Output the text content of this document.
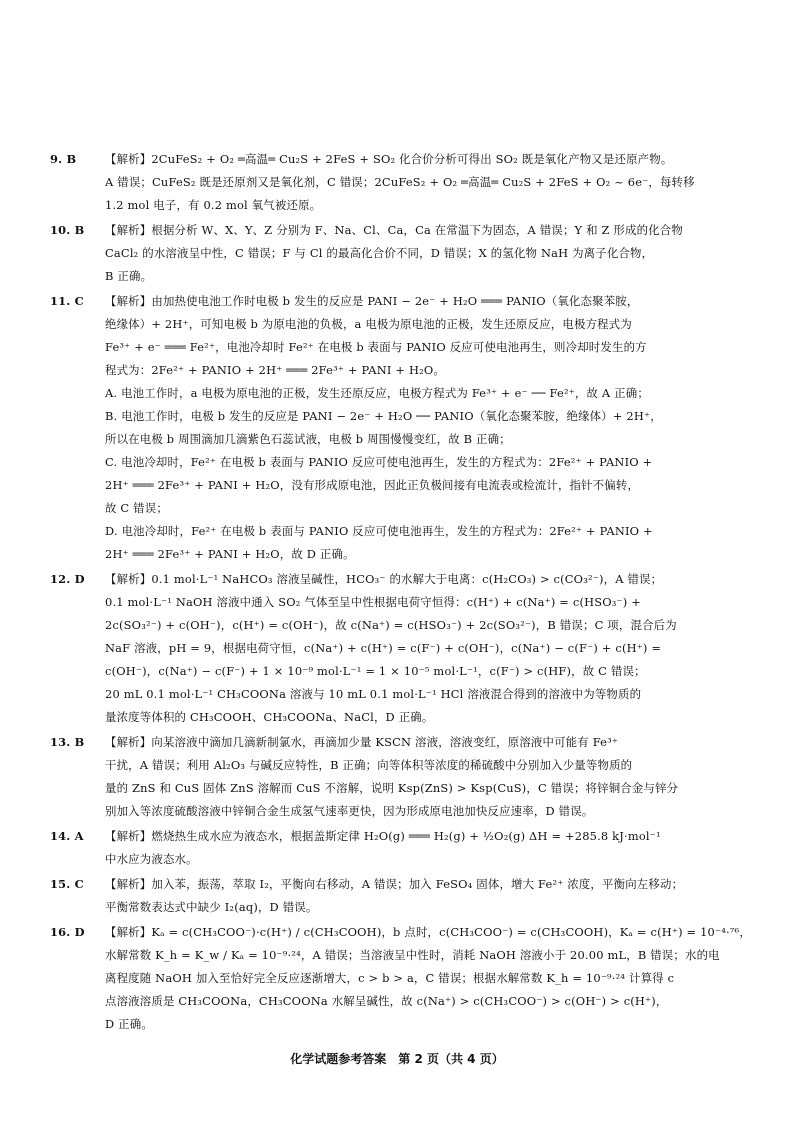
9. B	【解析】2CuFeS₂ + O₂ ═高温═ Cu₂S + 2FeS + SO₂ 化合价分析可得出 SO₂ 既是氧化产物又是还原产物。
A 错误；CuFeS₂ 既是还原剂又是氧化剂，C 错误；2CuFeS₂ + O₂ ═高温═ Cu₂S + 2FeS + O₂ ~ 6e⁻，每转移
1.2 mol 电子，有 0.2 mol 氧气被还原。
10. B	【解析】根据分析 W、X、Y、Z 分别为 F、Na、Cl、Ca，Ca 在常温下为固态，A 错误；Y 和 Z 形成的化合物
CaCl₂ 的水溶液呈中性，C 错误；F 与 Cl 的最高化合价不同，D 错误；X 的氢化物 NaH 为离子化合物，
B 正确。
11. C	【解析】由加热使电池工作时电极 b 发生的反应是 PANI − 2e⁻ + H₂O ═══ PANIO（氧化态聚苯胺，
绝缘体）+ 2H⁺，可知电极 b 为原电池的负极，a 电极为原电池的正极，发生还原反应，电极方程式为
Fe³⁺ + e⁻ ═══ Fe²⁺，电池冷却时 Fe²⁺ 在电极 b 表面与 PANIO 反应可使电池再生，则冷却时发生的方
程式为：2Fe²⁺ + PANIO + 2H⁺ ═══ 2Fe³⁺ + PANI + H₂O。
A. 电池工作时，a 电极为原电池的正极，发生还原反应，电极方程式为 Fe³⁺ + e⁻ ── Fe²⁺，故 A 正确；
B. 电池工作时，电极 b 发生的反应是 PANI − 2e⁻ + H₂O ── PANIO（氧化态聚苯胺，绝缘体）+ 2H⁺，
所以在电极 b 周围滴加几滴紫色石蕊试液，电极 b 周围慢慢变红，故 B 正确；
C. 电池冷却时，Fe²⁺ 在电极 b 表面与 PANIO 反应可使电池再生，发生的方程式为：2Fe²⁺ + PANIO +
2H⁺ ═══ 2Fe³⁺ + PANI + H₂O，没有形成原电池，因此正负极间接有电流表或检流计，指针不偏转，
故 C 错误；
D. 电池冷却时，Fe²⁺ 在电极 b 表面与 PANIO 反应可使电池再生，发生的方程式为：2Fe²⁺ + PANIO +
2H⁺ ═══ 2Fe³⁺ + PANI + H₂O，故 D 正确。
12. D	【解析】0.1 mol·L⁻¹ NaHCO₃ 溶液呈碱性，HCO₃⁻ 的水解大于电离：c(H₂CO₃) > c(CO₃²⁻)，A 错误；
0.1 mol·L⁻¹ NaOH 溶液中通入 SO₂ 气体至呈中性根据电荷守恒得：c(H⁺) + c(Na⁺) = c(HSO₃⁻) +
2c(SO₃²⁻) + c(OH⁻)，c(H⁺) = c(OH⁻)，故 c(Na⁺) = c(HSO₃⁻) + 2c(SO₃²⁻)，B 错误；C 项，混合后为
NaF 溶液，pH = 9，根据电荷守恒，c(Na⁺) + c(H⁺) = c(F⁻) + c(OH⁻)，c(Na⁺) − c(F⁻) + c(H⁺) =
c(OH⁻)，c(Na⁺) − c(F⁻) + 1 × 10⁻⁹ mol·L⁻¹ = 1 × 10⁻⁵ mol·L⁻¹，c(F⁻) > c(HF)，故 C 错误；
20 mL 0.1 mol·L⁻¹ CH₃COONa 溶液与 10 mL 0.1 mol·L⁻¹ HCl 溶液混合得到的溶液中为等物质的
量浓度等体积的 CH₃COOH、CH₃COONa、NaCl，D 正确。
13. B	【解析】向某溶液中滴加几滴新制氯水，再滴加少量 KSCN 溶液，溶液变红，原溶液中可能有 Fe³⁺
干扰，A 错误；利用 Al₂O₃ 与碱反应特性，B 正确；向等体积等浓度的稀硫酸中分别加入少量等物质的
量的 ZnS 和 CuS 固体 ZnS 溶解而 CuS 不溶解，说明 Ksp(ZnS) > Ksp(CuS)，C 错误；将锌铜合金与锌分
别加入等浓度硫酸溶液中锌铜合金生成氢气速率更快，因为形成原电池加快反应速率，D 错误。
14. A	【解析】燃烧热生成水应为液态水，根据盖斯定律 H₂O(g) ═══ H₂(g) + ½O₂(g) ΔH = +285.8 kJ·mol⁻¹
中水应为液态水。
15. C	【解析】加入苯，振荡，萃取 I₂，平衡向右移动，A 错误；加入 FeSO₄ 固体，增大 Fe²⁺ 浓度，平衡向左移动；
平衡常数表达式中缺少 I₂(aq)，D 错误。
16. D	【解析】Kₐ = c(CH₃COO⁻)·c(H⁺) / c(CH₃COOH)，b 点时，c(CH₃COO⁻) = c(CH₃COOH)，Kₐ = c(H⁺) = 10⁻⁴·⁷⁶，
水解常数 K_h = K_w / Kₐ = 10⁻⁹·²⁴，A 错误；当溶液呈中性时，消耗 NaOH 溶液小于 20.00 mL，B 错误；水的电
离程度随 NaOH 加入至恰好完全反应逐渐增大，c > b > a，C 错误；根据水解常数 K_h = 10⁻⁹·²⁴ 计算得 c
点溶液溶质是 CH₃COONa，CH₃COONa 水解呈碱性，故 c(Na⁺) > c(CH₃COO⁻) > c(OH⁻) > c(H⁺)，
D 正确。
化学试题参考答案　第 2 页（共 4 页）
